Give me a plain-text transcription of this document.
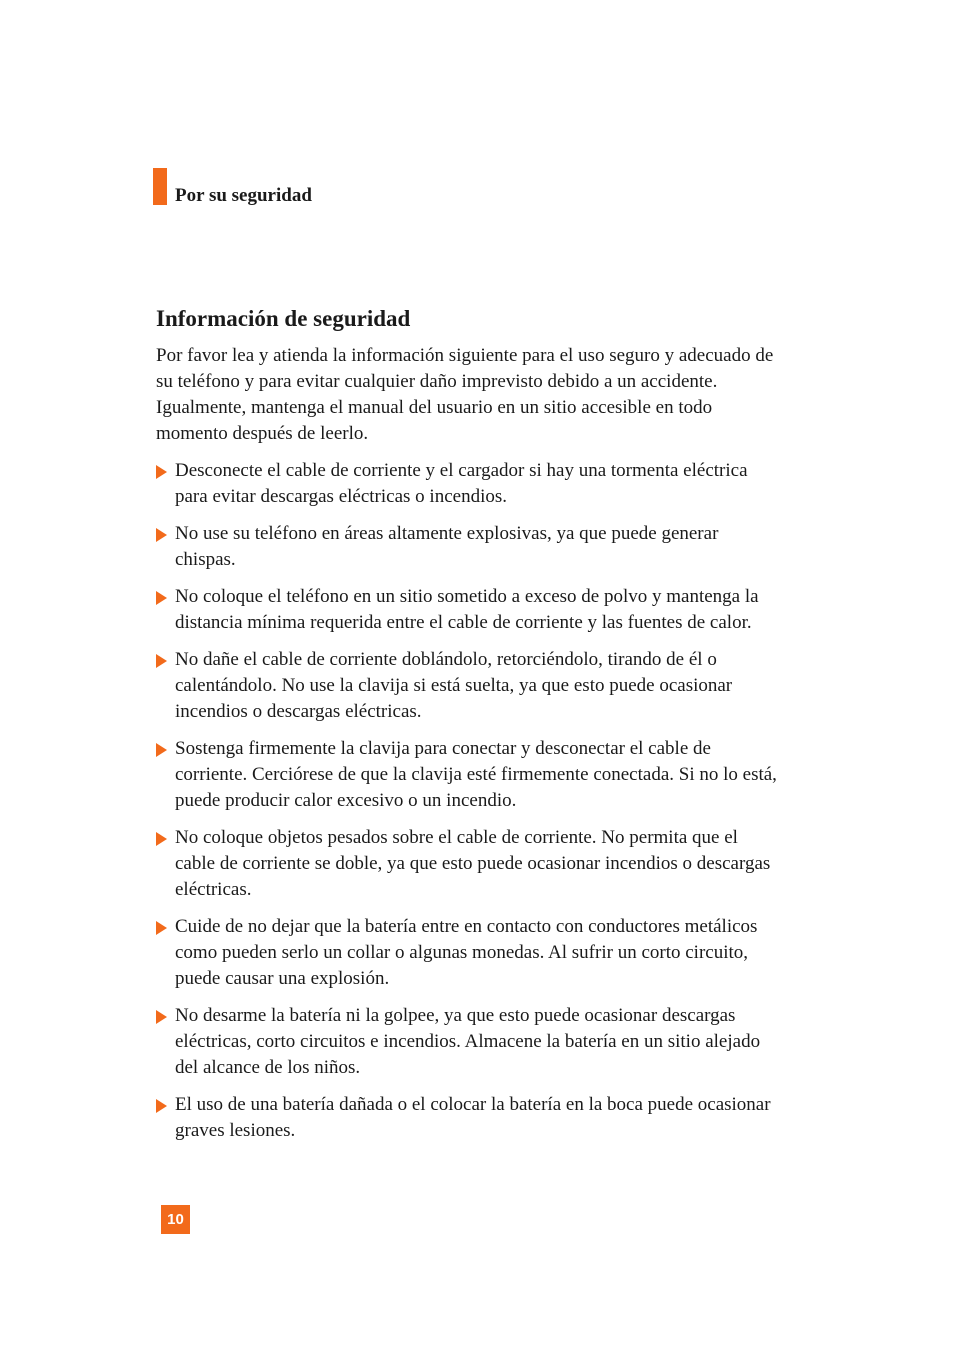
Por su seguridad
Información de seguridad

Por favor lea y atienda la información siguiente para el uso seguro y adecuado de su teléfono y para evitar cualquier daño imprevisto debido a un accidente. Igualmente, mantenga el manual del usuario en un sitio accesible en todo momento después de leerlo.

Desconecte el cable de corriente y el cargador si hay una tormenta eléctrica para evitar descargas eléctricas o incendios.
No use su teléfono en áreas altamente explosivas, ya que puede generar chispas.
No coloque el teléfono en un sitio sometido a exceso de polvo y mantenga la distancia mínima requerida entre el cable de corriente y las fuentes de calor.
No dañe el cable de corriente doblándolo, retorciéndolo, tirando de él o calentándolo. No use la clavija si está suelta, ya que esto puede ocasionar incendios o descargas eléctricas.
Sostenga firmemente la clavija para conectar y desconectar el cable de corriente. Cerciórese de que la clavija esté firmemente conectada. Si no lo está, puede producir calor excesivo o un incendio.
No coloque objetos pesados sobre el cable de corriente. No permita que el cable de corriente se doble, ya que esto puede ocasionar incendios o descargas eléctricas.
Cuide de no dejar que la batería entre en contacto con conductores metálicos como pueden serlo un collar o algunas monedas. Al sufrir un corto circuito, puede causar una explosión.
No desarme la batería ni la golpee, ya que esto puede ocasionar descargas eléctricas, corto circuitos e incendios. Almacene la batería en un sitio alejado del alcance de los niños.
El uso de una batería dañada o el colocar la batería en la boca puede ocasionar graves lesiones.
10
